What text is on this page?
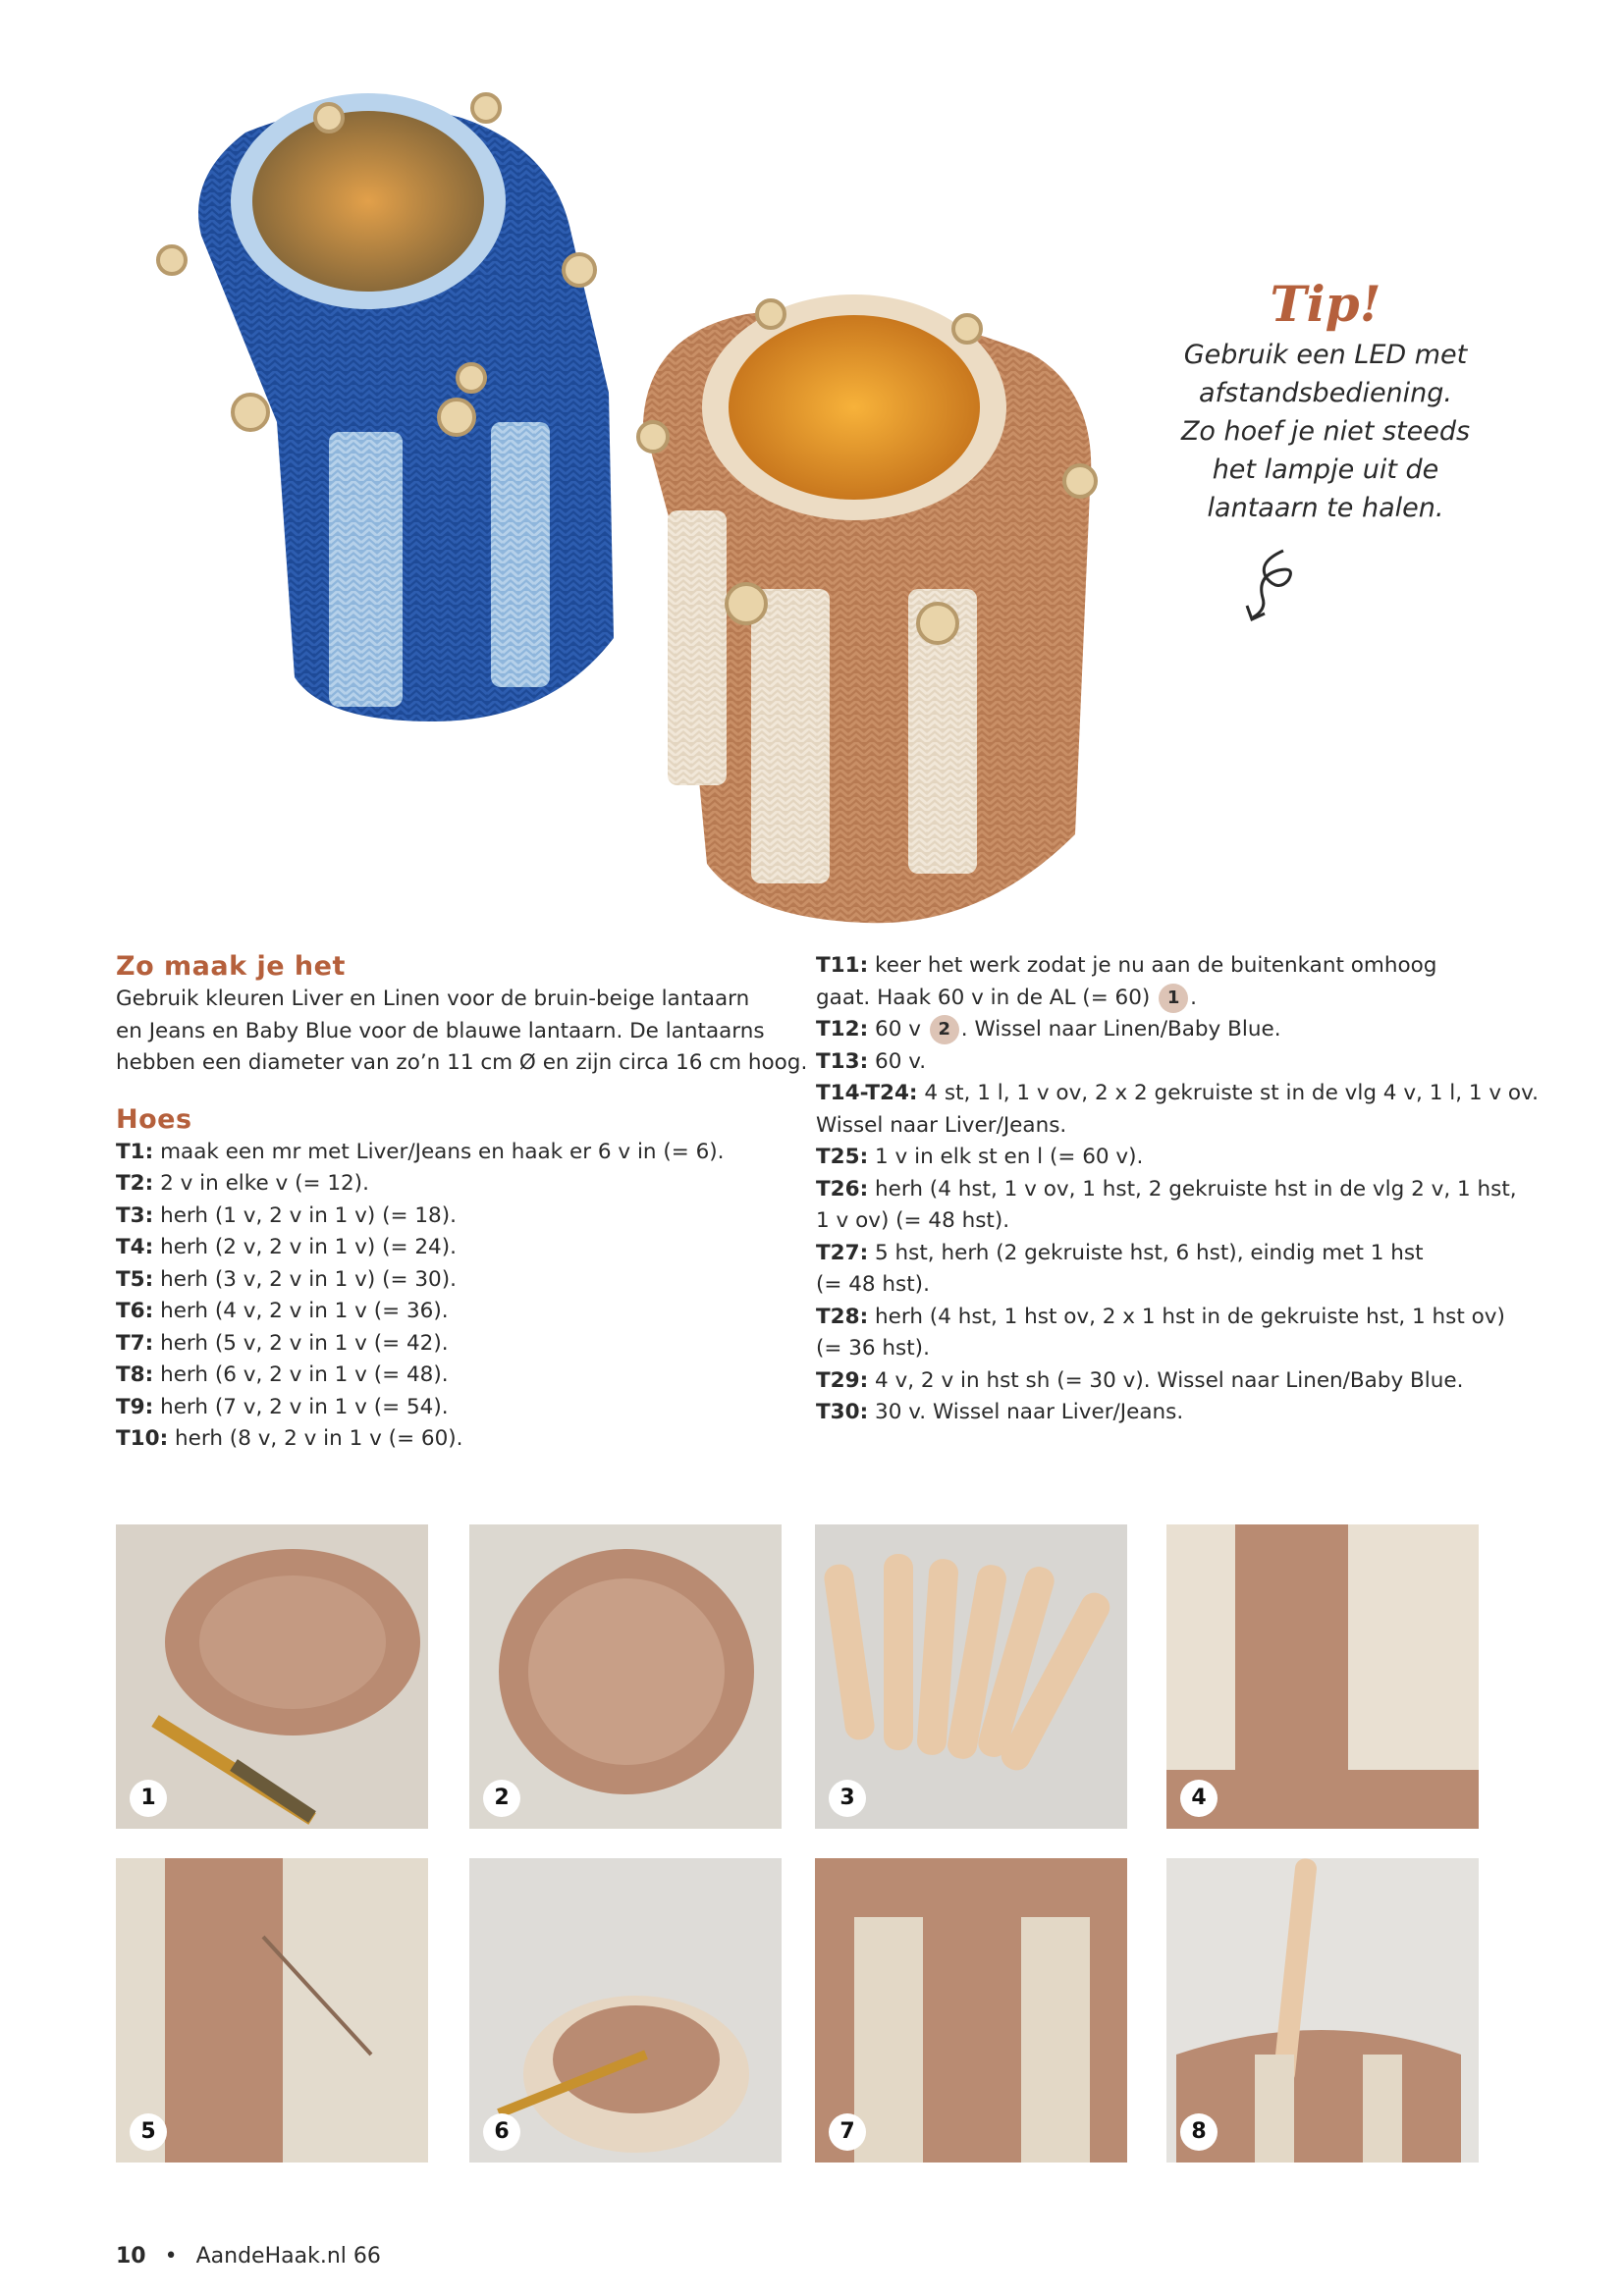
Tip!
Gebruik een LED met
afstandsbediening.
Zo hoef je niet steeds
het lampje uit de
lantaarn te halen.
Zo maak je het
Gebruik kleuren Liver en Linen voor de bruin-beige lantaarn
en Jeans en Baby Blue voor de blauwe lantaarn. De lantaarns
hebben een diameter van zo’n 11 cm Ø en zijn circa 16 cm hoog.
Hoes
T1: maak een mr met Liver/Jeans en haak er 6 v in (= 6).
T2: 2 v in elke v (= 12).
T3: herh (1 v, 2 v in 1 v) (= 18).
T4: herh (2 v, 2 v in 1 v) (= 24).
T5: herh (3 v, 2 v in 1 v) (= 30).
T6: herh (4 v, 2 v in 1 v (= 36).
T7: herh (5 v, 2 v in 1 v (= 42).
T8: herh (6 v, 2 v in 1 v (= 48).
T9: herh (7 v, 2 v in 1 v (= 54).
T10: herh (8 v, 2 v in 1 v (= 60).
T11: keer het werk zodat je nu aan de buitenkant omhoog
gaat. Haak 60 v in de AL (= 60) 1 .
T12: 60 v 2 . Wissel naar Linen/Baby Blue.
T13: 60 v.
T14-T24: 4 st, 1 l, 1 v ov, 2 x 2 gekruiste st in de vlg 4 v, 1 l, 1 v ov.
Wissel naar Liver/Jeans.
T25: 1 v in elk st en l (= 60 v).
T26: herh (4 hst, 1 v ov, 1 hst, 2 gekruiste hst in de vlg 2 v, 1 hst,
1 v ov) (= 48 hst).
T27: 5 hst, herh (2 gekruiste hst, 6 hst), eindig met 1 hst
(= 48 hst).
T28: herh (4 hst, 1 hst ov, 2 x 1 hst in de gekruiste hst, 1 hst ov)
(= 36 hst).
T29: 4 v, 2 v in hst sh (= 30 v). Wissel naar Linen/Baby Blue.
T30: 30 v. Wissel naar Liver/Jeans.
1	2	3	4
5	6	7	8
10 • AandeHaak.nl 66
